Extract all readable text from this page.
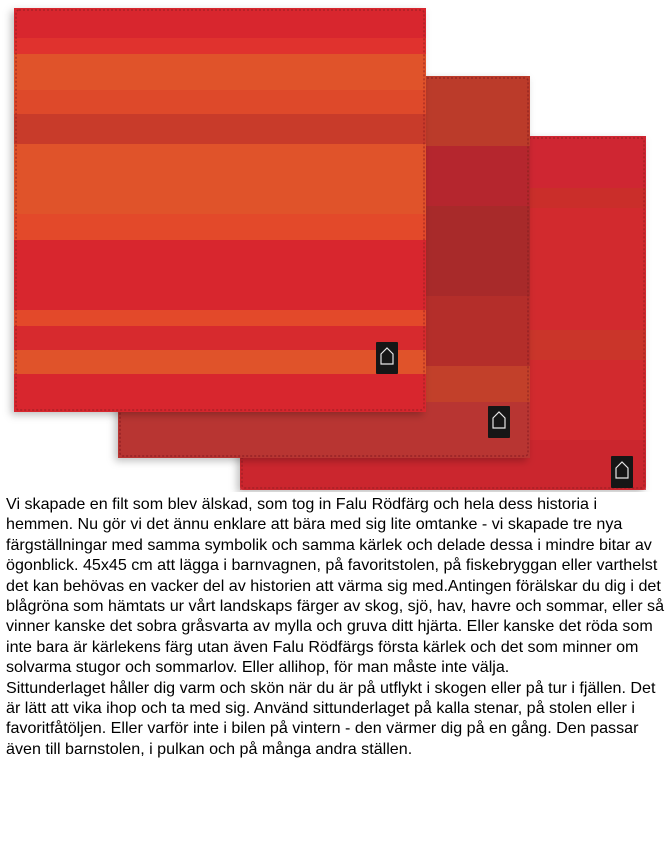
Vi skapade en filt som blev älskad, som tog in Falu Rödfärg och hela dess historia i hemmen. Nu gör vi det ännu enklare att bära med sig lite omtanke - vi skapade tre nya färgställningar med samma symbolik och samma kärlek och delade dessa i mindre bitar av ögonblick. 45x45 cm att lägga i barnvagnen, på favoritstolen, på fiskebryggan eller varthelst det kan behövas en vacker del av historien att värma sig med.Antingen förälskar du dig i det blågröna som hämtats ur vårt landskaps färger av skog, sjö, hav, havre och sommar, eller så vinner kanske det sobra gråsvarta av mylla och gruva ditt hjärta. Eller kanske det röda som inte bara är kärlekens färg utan även Falu Rödfärgs första kärlek och det som minner om solvarma stugor och sommarlov. Eller allihop, för man måste inte välja.

Sittunderlaget håller dig varm och skön när du är på utflykt i skogen eller på tur i fjällen. Det är lätt att vika ihop och ta med sig. Använd sittunderlaget på kalla stenar, på stolen eller i favoritfåtöljen. Eller varför inte i bilen på vintern - den värmer dig på en gång. Den passar även till barnstolen, i pulkan och på många andra ställen.
